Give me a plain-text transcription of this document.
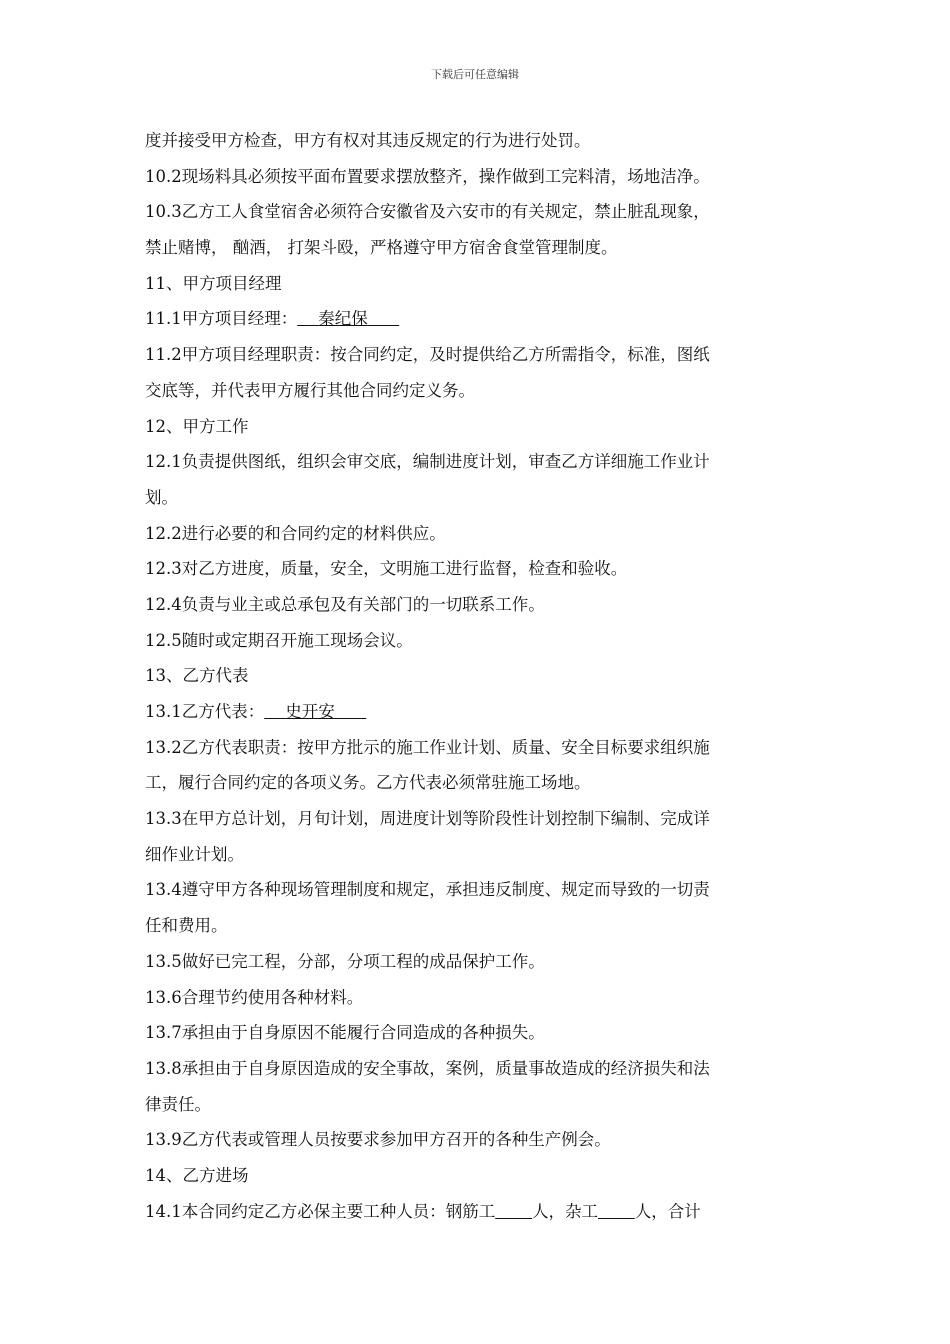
下载后可任意编辑
度并接受甲方检查，甲方有权对其违反规定的行为进行处罚。
10.2现场料具必须按平面布置要求摆放整齐，操作做到工完料清，场地洁净。
10.3乙方工人食堂宿舍必须符合安徽省及六安市的有关规定，禁止脏乱现象，
禁止赌博， 酗酒， 打架斗殴，严格遵守甲方宿舍食堂管理制度。
11、甲方项目经理
11.1甲方项目经理： 秦纪保
11.2甲方项目经理职责：按合同约定，及时提供给乙方所需指令，标准，图纸
交底等，并代表甲方履行其他合同约定义务。
12、甲方工作
12.1负责提供图纸，组织会审交底，编制进度计划，审查乙方详细施工作业计
划。
12.2进行必要的和合同约定的材料供应。
12.3对乙方进度，质量，安全，文明施工进行监督，检查和验收。
12.4负责与业主或总承包及有关部门的一切联系工作。
12.5随时或定期召开施工现场会议。
13、乙方代表
13.1乙方代表： 史开安
13.2乙方代表职责：按甲方批示的施工作业计划、质量、安全目标要求组织施
工，履行合同约定的各项义务。乙方代表必须常驻施工场地。
13.3在甲方总计划，月旬计划，周进度计划等阶段性计划控制下编制、完成详
细作业计划。
13.4遵守甲方各种现场管理制度和规定，承担违反制度、规定而导致的一切责
任和费用。
13.5做好已完工程，分部，分项工程的成品保护工作。
13.6合理节约使用各种材料。
13.7承担由于自身原因不能履行合同造成的各种损失。
13.8承担由于自身原因造成的安全事故，案例，质量事故造成的经济损失和法
律责任。
13.9乙方代表或管理人员按要求参加甲方召开的各种生产例会。
14、乙方进场
14.1本合同约定乙方必保主要工种人员：钢筋工 人，杂工 人，合计
